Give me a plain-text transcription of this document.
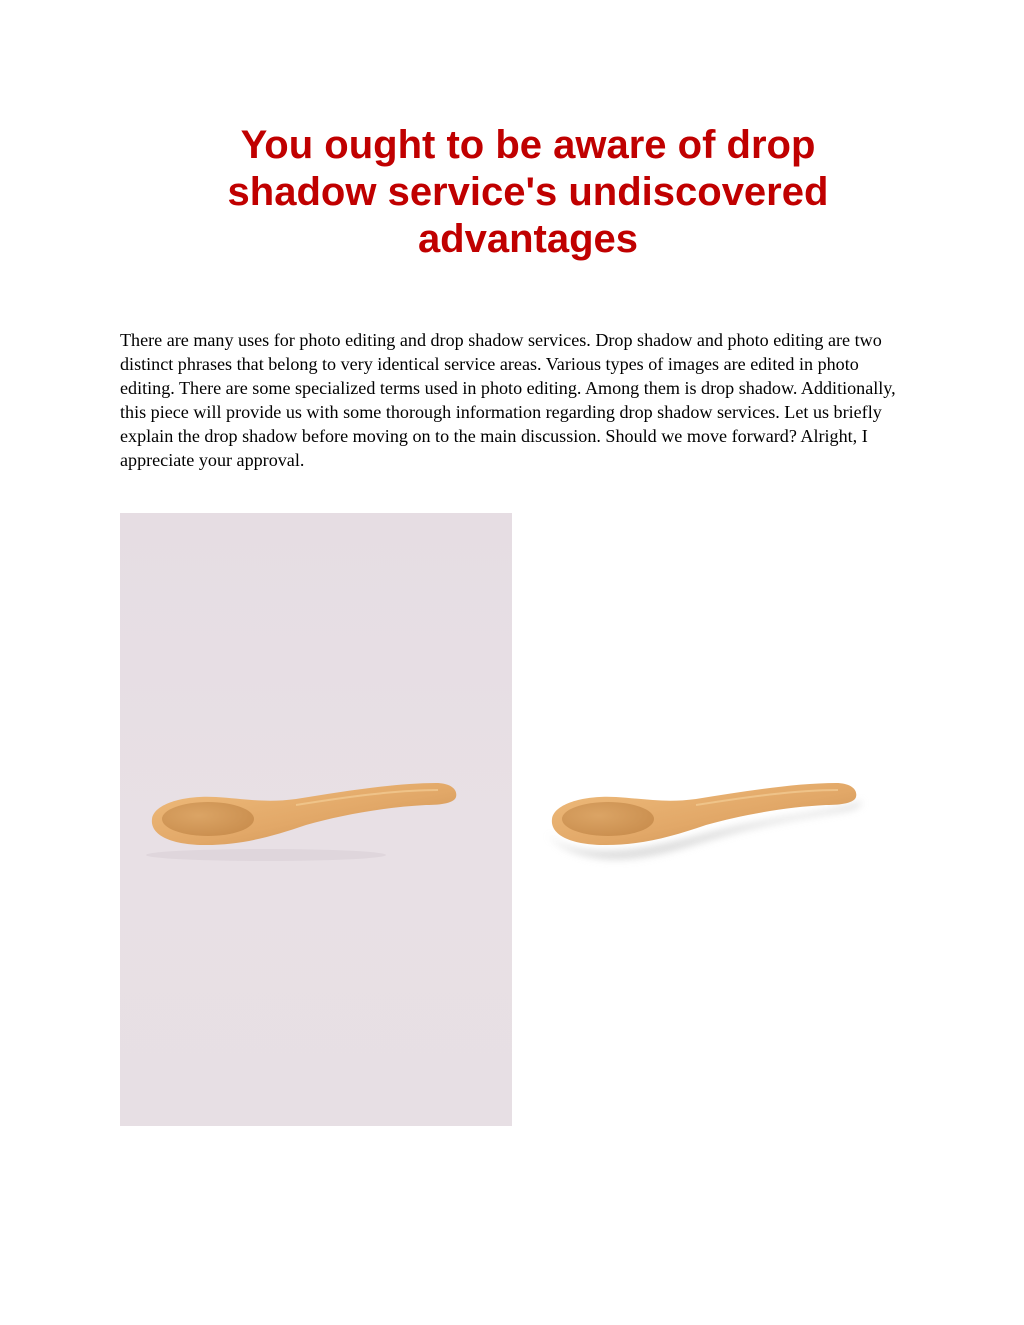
You ought to be aware of drop shadow service's undiscovered advantages

There are many uses for photo editing and drop shadow services. Drop shadow and photo editing are two distinct phrases that belong to very identical service areas. Various types of images are edited in photo editing. There are some specialized terms used in photo editing. Among them is drop shadow. Additionally, this piece will provide us with some thorough information regarding drop shadow services. Let us briefly explain the drop shadow before moving on to the main discussion. Should we move forward? Alright, I appreciate your approval.
